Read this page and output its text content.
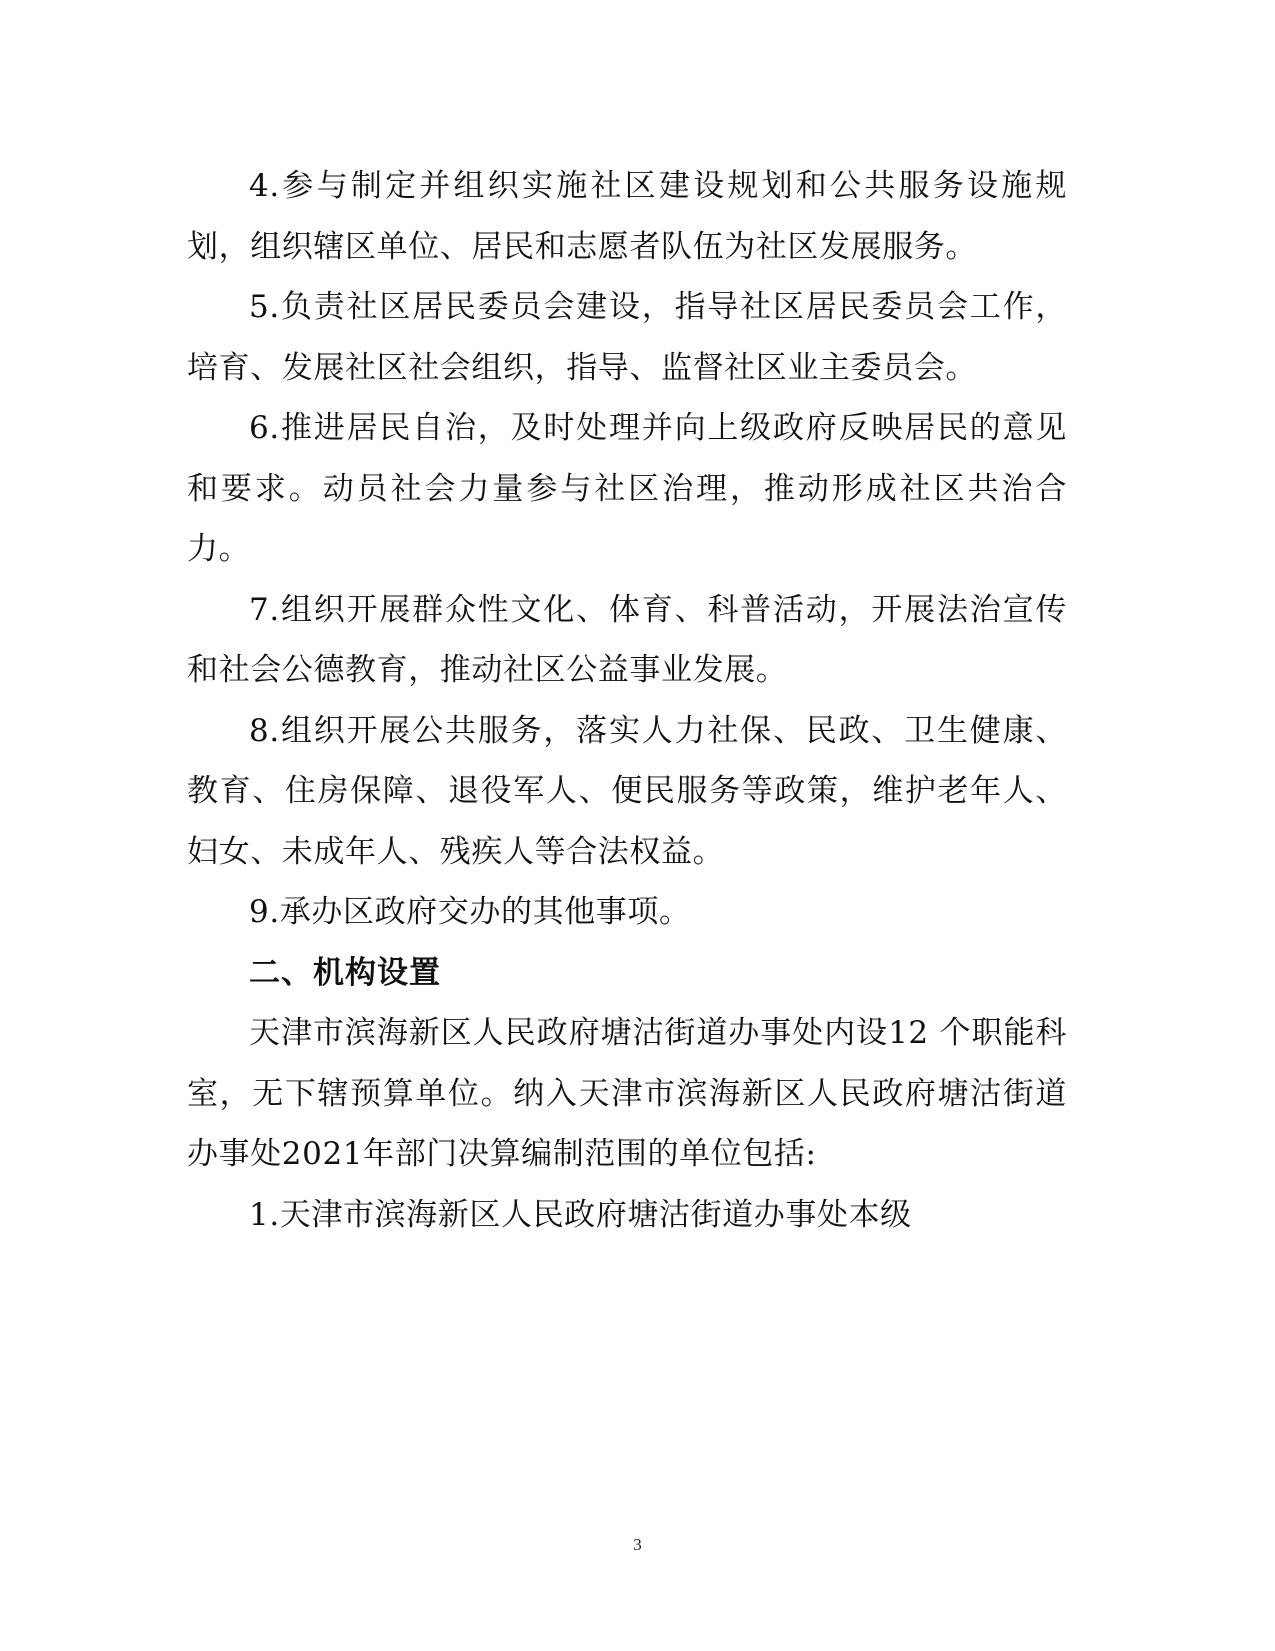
4.参与制定并组织实施社区建设规划和公共服务设施规划，组织辖区单位、居民和志愿者队伍为社区发展服务。

5.负责社区居民委员会建设，指导社区居民委员会工作，培育、发展社区社会组织，指导、监督社区业主委员会。

6.推进居民自治，及时处理并向上级政府反映居民的意见和要求。动员社会力量参与社区治理，推动形成社区共治合力。

7.组织开展群众性文化、体育、科普活动，开展法治宣传和社会公德教育，推动社区公益事业发展。

8.组织开展公共服务，落实人力社保、民政、卫生健康、教育、住房保障、退役军人、便民服务等政策，维护老年人、妇女、未成年人、残疾人等合法权益。

9.承办区政府交办的其他事项。

二、机构设置

天津市滨海新区人民政府塘沽街道办事处内设12 个职能科室，无下辖预算单位。纳入天津市滨海新区人民政府塘沽街道办事处2021年部门决算编制范围的单位包括:

1.天津市滨海新区人民政府塘沽街道办事处本级

3
